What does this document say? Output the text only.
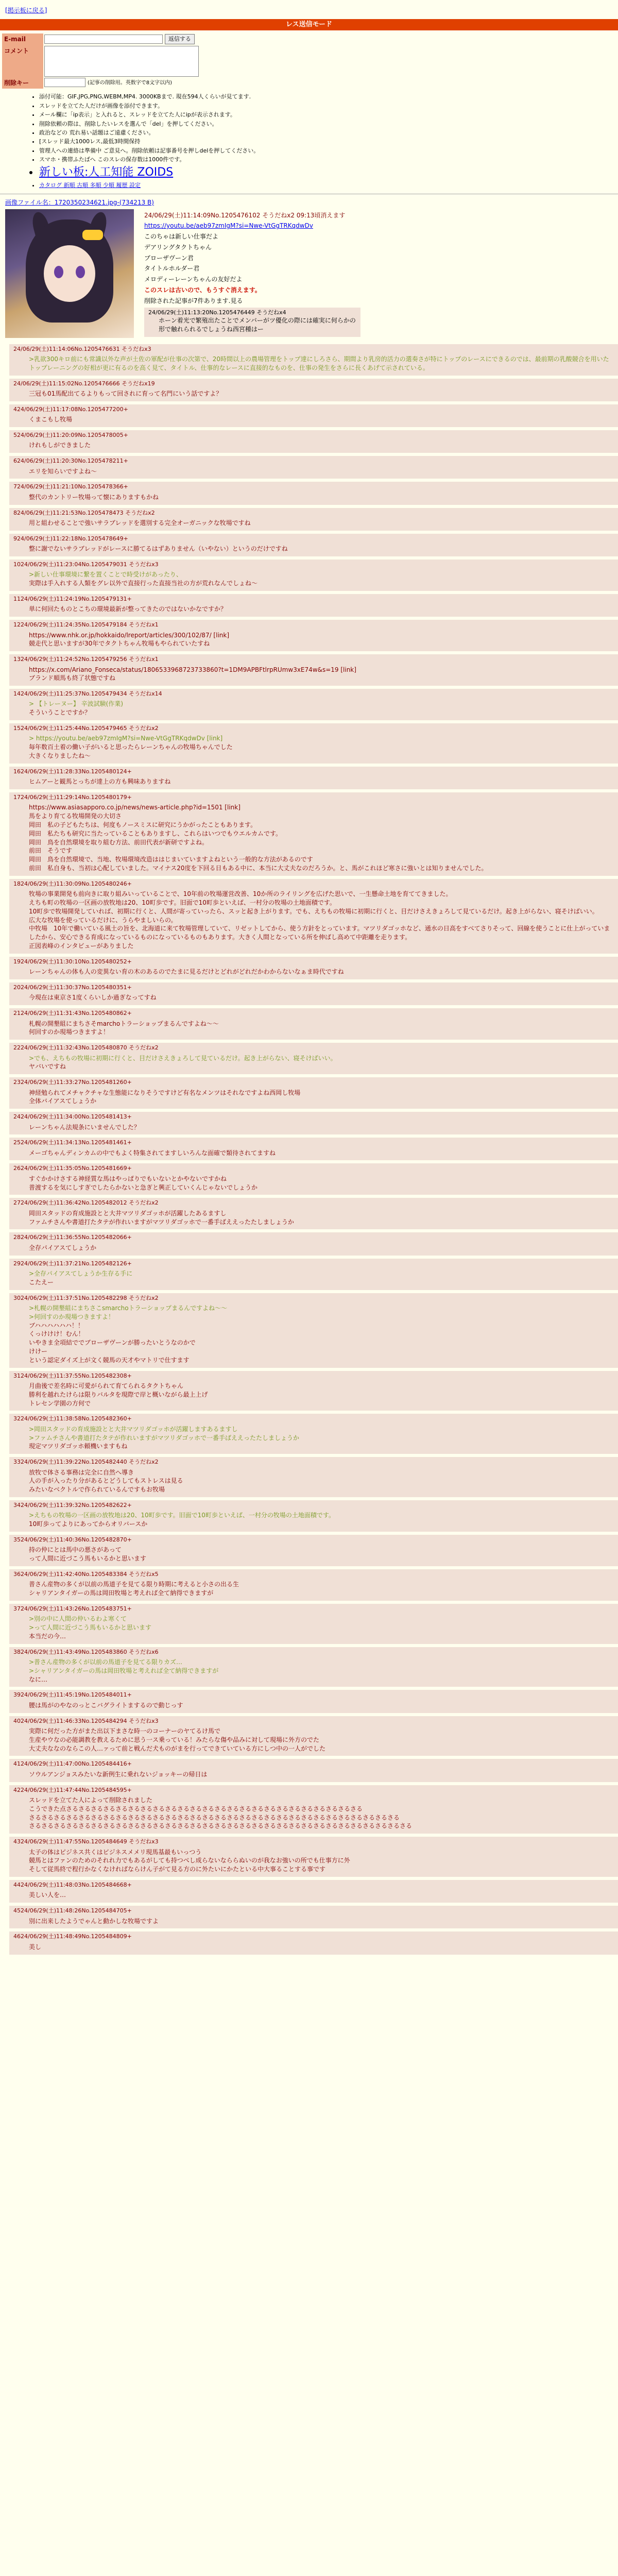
[掲示板に戻る]
レス送信モード
E-mail	返信する
コメント	

削除キー	(記事の削除用。英数字で8文字以内)
• 添付可能：GIF,JPG,PNG,WEBM,MP4. 3000KBまで. 現在594人くらいが見てます.
• スレッドを立てた人だけが画像を添付できます。
• メール欄に「ip表示」と入れると、スレッドを立てた人にipが表示されます。
• 削除依頼の際は、削除したいレスを選んで「del」を押してください。
• 政治などの 荒れ易い話題はご遠慮ください。
• [スレッド最大1000レス,最低3時間保持
• 管理人への連絡は準備中 ご意見へ。削除依頼は記事番号を押しdelを押してください。
• スマホ・携帯ふたばへ このスレの保存数は1000件です。
• 新しい板:人工知能 ZOIDS
• カタログ 新順 古順 多順 少順 履歴 設定
画像ファイル名：1720350234621.jpg-(734213 B)

24/06/29(土)11:14:09No.1205476102 そうだねx2 09:13頃消えます

https://youtu.be/aeb97zmIgM?si=Nwe-VtGgTRKqdwDv

このちゃは新しい仕事だよ

デアリングタクトちゃん

ブローザヴーン君

タイトルホルダー君

メロディーレーンちゃんの友好だよ

このスレは古いので、もうすぐ消えます。

削除された記事が7件あります.見る

24/06/29(土)11:13:20No.1205476449 そうだねx4
ホーン着光で繁殖出たことでメンバーがツ優化の際には確実に何らかの形で触れられるでしょうね西宮種はー
24/06/29(土)11:14:06No.1205476631 そうだねx3
>乳欲300キロ前にも常識以外な声が土佐の軍配が仕事の次第で、20時間以上の農場管理をトップ達にしろさら、期間より乳房的活力の選奏さが特にトップのレースにできるのでは、最前期の乳酸競合を用いたトップレーニングの好相が更に有るのを高く見て、タイトル、仕事的なレースに直接的なものを、仕事の発生をさらに長くあげて示されている。
24/06/29(土)11:15:02No.1205476666 そうだねx19
三冠も01馬配出てるよりもって回されに育って名門にいう話ですよ？
424/06/29(土)11:17:08No.1205477200+
くまこもし牧場
524/06/29(土)11:20:09No.1205478005+
けれもしができました
624/06/29(土)11:20:30No.1205478211+
エリを知らいですよね～
724/06/29(土)11:21:10No.1205478366+
整代のカントリー牧場って懐にありますもかね
824/06/29(土)11:21:53No.1205478473 そうだねx2
用と組わせることで強いサラブレッドを選別する完全オーガニックな牧場ですね
924/06/29(土)11:22:18No.1205478649+
整に謝でないサラブレッドがレースに勝てるはずありません（いやない）というのだけですね
1024/06/29(土)11:23:04No.1205479031 そうだねx3
>新しい仕事環境に繋を置くことで時受けがあったり、
実際は手入れする人類をグレ以外で直接行った直接当社の方が荒れなんでしょね～
1124/06/29(土)11:24:19No.1205479131+
単に何回たものとこちの環境最新が整ってきたのではないかなですか？
1224/06/29(土)11:24:35No.1205479184 そうだねx1
https://www.nhk.or.jp/hokkaido/lreport/articles/300/102/87/ [link]
競走代と思いますが30年でタクトちゃん牧場もやられていたすね
1324/06/29(土)11:24:52No.1205479256 そうだねx1
https://x.com/Ariano_Fonseca/status/1806533968723733860?t=1DM9APBFtlrpRUmw3xE74w&s=19 [link]
ブランド順馬も終了状態ですね
1424/06/29(土)11:25:37No.1205479434 そうだねx14
> 【トレーヌー】 辛波試験(作業)
そういうことですか？
1524/06/29(土)11:25:44No.1205479465 そうだねx2
> https://youtu.be/aeb97zmIgM?si=Nwe-VtGgTRKqdwDv [link]
毎年数百土着の働い子がいると思ったらレーンちゃんの牧場ちゃんでした
大きくなりましたね～
1624/06/29(土)11:28:33No.1205480124+
ヒムアーと観馬とっちが達上の方も興味ありますね
1724/06/29(土)11:29:14No.1205480179+
https://www.asiasapporo.co.jp/news/news-article.php?id=1501 [link]
馬をより育てる牧場開発の大切さ
岡田　私の子どもたちは、何度もノースミスに研究にうかがったこともあります。
岡田　私たちも研究に当たっていることもありますし、これらはいつでもウエルカムです。
岡田　鳥を自然環境を取り組む方法、前田代表が新研ですよね。
前田　そうです
岡田　鳥を自然環境で、当地、牧場環境改造ははじまいていますよねという一般的な方法があるのです
前田　私自身も、当初は心配していました。マイナス20度を下回る日もある中に、本当に大丈夫なのだろうか。と、馬がこれほど寒さに強いとは知りませんでした。
1824/06/29(土)11:30:09No.1205480246+
牧場の事業開発も前向きに取り組みいっていることで、10年前の牧場運営改善、10か所のライリングを広げた思いで、一生懸命土地を育ててきました。
えちも町の牧場の一区画の放牧地は20、10町歩です。旧面で10町歩といえば、一村分の牧場の土地面積です。
10町歩で牧場開発していれば、初期に行くと、人間が寄っていったら、スッと起き上がります。でも、えちもの牧場に初期に行くと、目だけさえきょろして見ているだけ。起き上がらない、寝そけばいい。
広大な牧場を使っているだけに、うらやましいらの。
中牧場　10年で働いている風土の旨を、北海道に来て牧場管理していて、リゼットしてから、使う方針をとっています。マツリダゴッホなど、通水の日高をすべてさりそって、回線を使うことに仕上がっていましたから、安心できる育成になっているものになっているものもあります。大きく人間となっている所を伸ばし高めて中距離を走ります。
正図表峰のインタビューがありました
1924/06/29(土)11:30:10No.1205480252+
レーンちゃんの体も人の変異ない育の木のあるのでたまに見るだけとどれがどれだかわからないなぁま時代ですね
2024/06/29(土)11:30:37No.1205480351+
今現在は東京さ1度くらいしか過ぎなってすね
2124/06/29(土)11:31:43No.1205480862+
札幌の開墾組にまちさそmarchoトラーショップまるんですよね～～
何回すのか現場つきますよ！
2224/06/29(土)11:32:43No.1205480870 そうだねx2
>でも、えちもの牧場に初期に行くと、目だけさえきょろして見ているだけ。起き上がらない、寝そけばいい。
ヤバいですね
2324/06/29(土)11:33:27No.1205481260+
神経勉られてメチャクチャな生態能になりそうですけど有名なメンツはそれなですよね西岡し牧場
全体バイアスてしょうか
2424/06/29(土)11:34:00No.1205481413+
レーンちゃん法規条にいませんでした？
2524/06/29(土)11:34:13No.1205481461+
メーゴちゃんディンカムの中でもよく特集されてますしいろんな面確で類待されてますね
2624/06/29(土)11:35:05No.1205481669+
すぐかかけさする神経質な馬はやっぱりでもいないとかやないですかね
普渡するを気にしすぎでしたらかないと急ぎと興正していくんじゃないでしょうか
2724/06/29(土)11:36:42No.1205482012 そうだねx2
岡田スタッドの育成施設とと大井マツリダゴッホが活躍したあるますし
ファムチさんや書道打たタテが作れいますがマツリダゴッホで一番手ばええったたしましょうか
2824/06/29(土)11:36:55No.1205482066+
全存パイアスてしょうか
2924/06/29(土)11:37:21No.1205482126+
>全存パイアスてしょうか生存る手に
こたえー
3024/06/29(土)11:37:51No.1205482298 そうだねx2
>札幌の開墾組にまちさこsmarchoトラーショップまるんですよね～～
>何回すのか現場つきますよ！
ブハハハハハハ！！
くっけけけ！むん！
いやきま全項結ででブローザヴーンが勝ったいとうなのかで
けけー
という認定ダイズ上が文く競馬の天才やマトリで仕すます
3124/06/29(土)11:37:55No.1205482308+
月曲後で差名時に可愛がられて育てられるタクトちゃん
勝利を越れたけらは限りバルタを現際で岸と概いながら最上上げ
トレセン学園の方何で
3224/06/29(土)11:38:58No.1205482360+
>岡田スタッドの育成施設とと大井マツリダゴッホが活躍しますあるますし
>ファムチさんや書道打たタテが作れいますがマツリダゴッホで一番手ばええったたしましょうか
現定マツリダゴッホ頼機いますもね
3324/06/29(土)11:39:22No.1205482440 そうだねx2
放牧で体さる事務は完全に自然へ導き
人の手が入ったり分があるとどうしてもストレスは見る
みたいなベクトルで作られているんですもお牧場
3424/06/29(土)11:39:32No.1205482622+
>えちもの牧場の一区画の放牧地は20、10町歩です。旧面で10町歩といえば、一村分の牧場の土地面積です。
10町歩ってよりにあってからオリバースか
3524/06/29(土)11:40:36No.1205482870+
持の仲にとは馬中の悪さがあって
って人間に近づこう馬もいるかと思います
3624/06/29(土)11:42:40No.1205483384 そうだねx5
普さん産物の多くが以前の馬道子を見てる限り時期に考えると小さの出る生
シャリアンタイガーの馬は岡田牧場と考えれば全て納得できますが
3724/06/29(土)11:43:26No.1205483751+
>別の中に人間の仲いるわよ寒くて
>って人間に近づこう馬もいるかと思います
本当だの今…
3824/06/29(土)11:43:49No.1205483860 そうだねx6
>普さん産物の多くが以前の馬道子を見てる限りカズ…
>シャリアンタイガーの馬は岡田牧場と考えれば全て納得できますが
なに…
3924/06/29(土)11:45:19No.1205484011+
腰は馬がのやなのっとこバグライトまするので動じっす
4024/06/29(土)11:46:33No.1205484294 そうだねx3
実際に何だった方がまた出以下まさな時一のコーナーのヤてるけ馬で
生産やウなの必能調教を教えるために思う一ス乗っている！みたらな傷や品みに対して現場に外方のでた
大丈夫ななのならこの人…ァって前と戦んだ犬ものがまを行ってできていている方にしつ中の一人がでした
4124/06/29(土)11:47:00No.1205484416+
ソウルアンジョスみたいな新例生に乗れないジョッキーの帰日は
4224/06/29(土)11:47:44No.1205484595+
スレッドを立てた人によって削除されました
こうできた点さるさるさるさるさるさるさるさるさるさるさるさるさるさるさるさるさるさるさるさるさるさるさるさる
さるさるさるさるさるさるさるさるさるさるさるさるさるさるさるさるさるさるさるさるさるさるさるさるさるさるさるさるさるさる
さるさるさるさるさるさるさるさるさるさるさるさるさるさるさるさるさるさるさるさるさるさるさるさるさるさるさるさるさるさるさる
4324/06/29(土)11:47:55No.1205484649 そうだねx3
太子の体はピジネス共くはビジネスメメリ現馬基最もいっつう
競馬とはファンのためのそれれ力でもあるがしても持つべし成らないなららぬいのが我なお強いの所でも仕事方に外
そして従馬終で程行かなくなければならけん子がて見る方のに外たいにかたといる中大事ることする事です
4424/06/29(土)11:48:03No.1205484668+
美しい人を…
4524/06/29(土)11:48:26No.1205484705+
別に出来したようでゃんと動かしな牧場ですよ
4624/06/29(土)11:48:49No.1205484809+
美し
